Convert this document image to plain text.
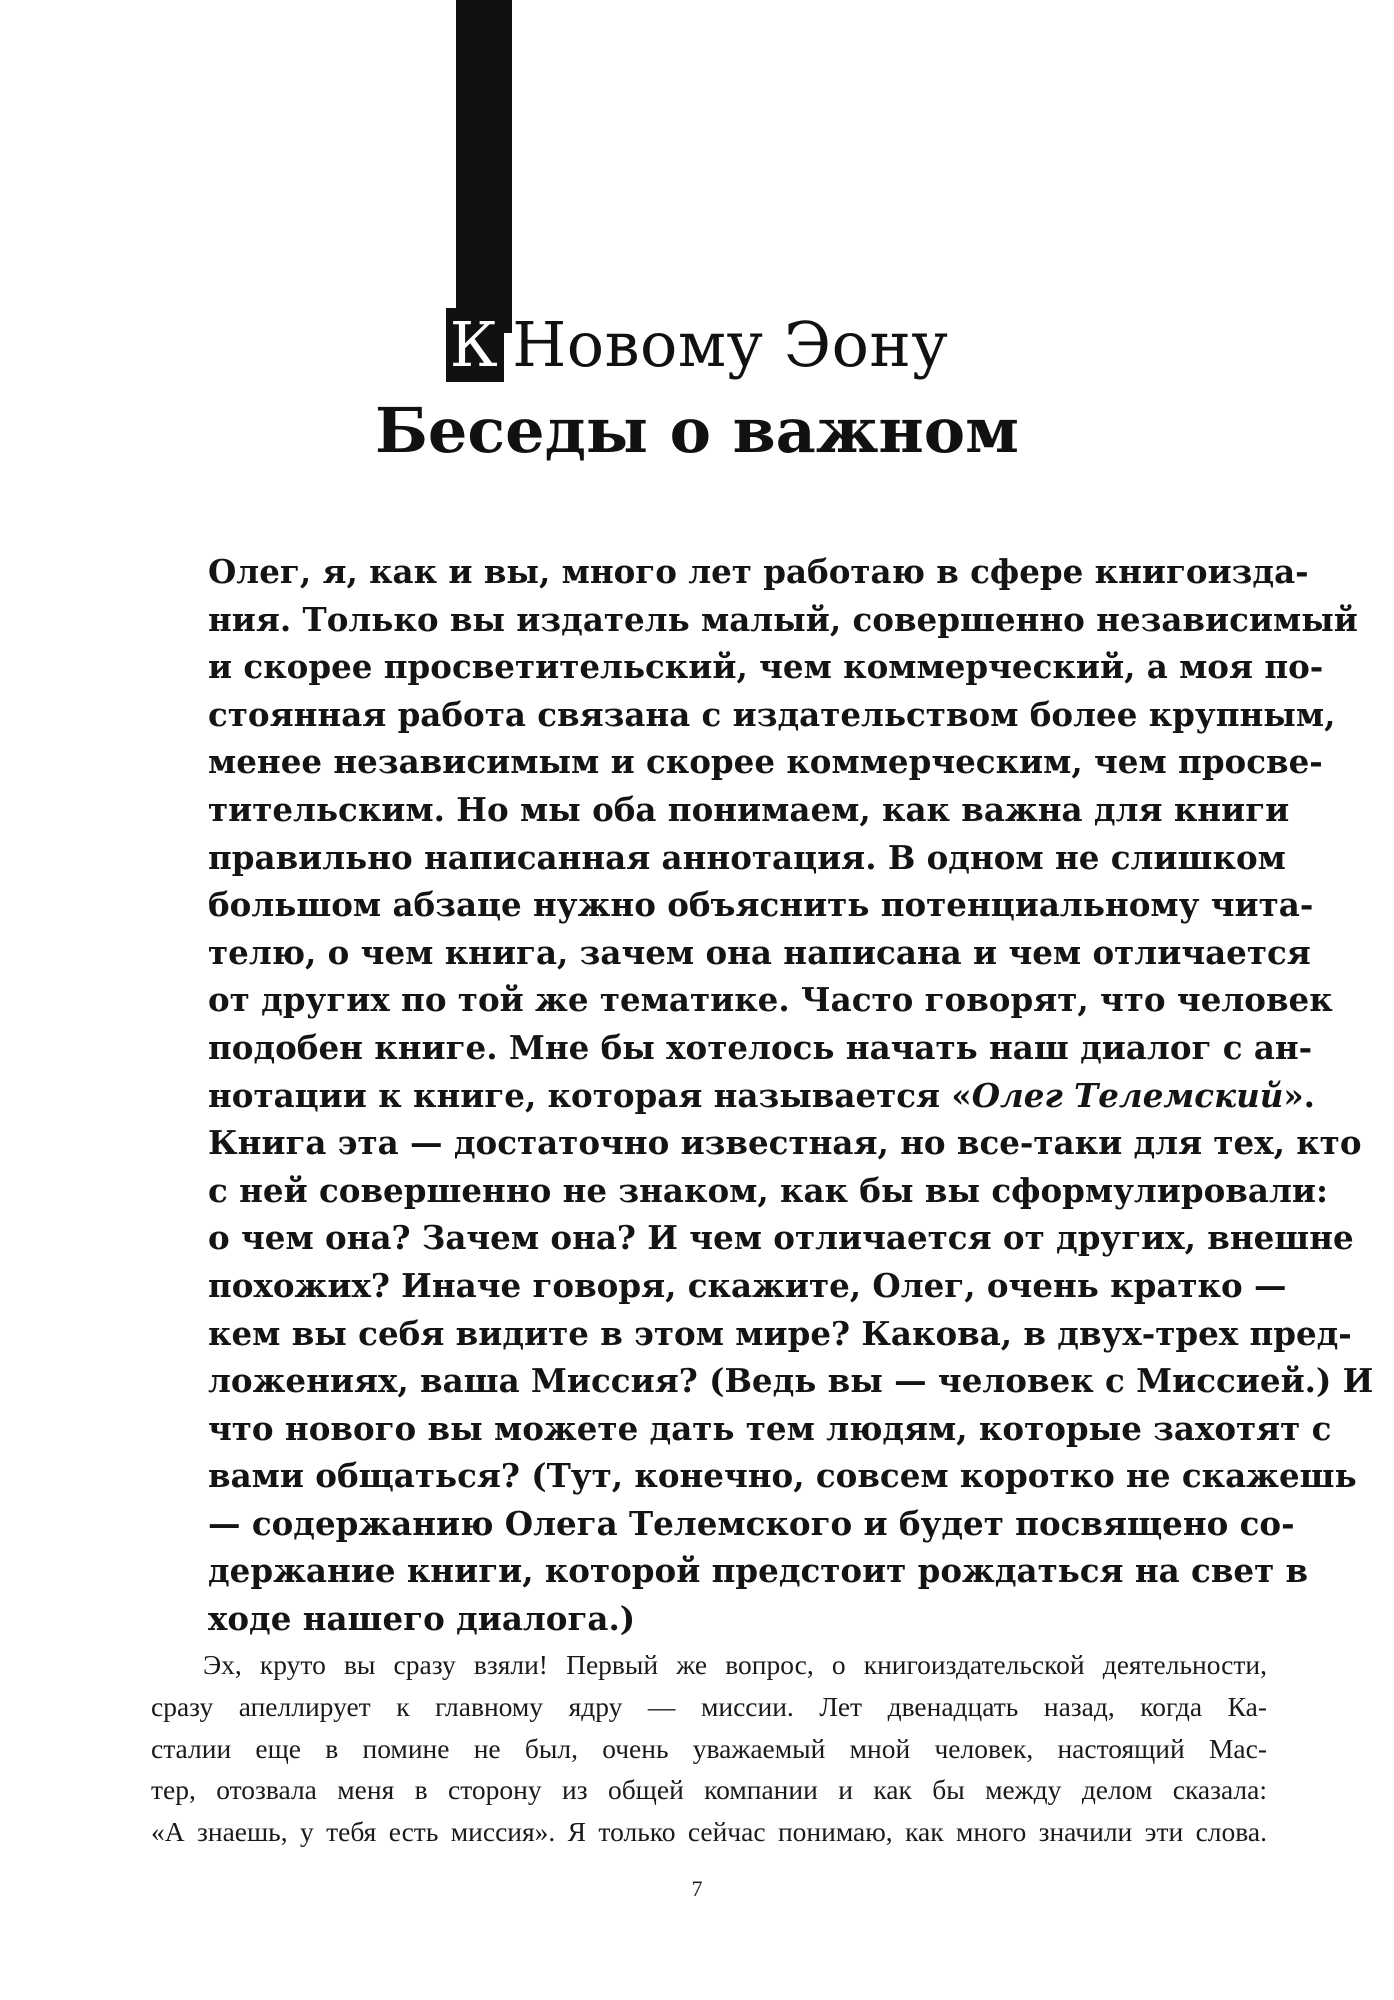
К Новому Эону
Беседы о важном
Олег, я, как и вы, много лет работаю в сфере книгоизда-
ния. Только вы издатель малый, совершенно независимый
и скорее просветительский, чем коммерческий, а моя по-
стоянная работа связана с издательством более крупным,
менее независимым и скорее коммерческим, чем просве-
тительским. Но мы оба понимаем, как важна для книги
правильно написанная аннотация. В одном не слишком
большом абзаце нужно объяснить потенциальному чита-
телю, о чем книга, зачем она написана и чем отличается
от других по той же тематике. Часто говорят, что человек
подобен книге. Мне бы хотелось начать наш диалог с ан-
нотации к книге, которая называется «Олег Телемский».
Книга эта — достаточно известная, но все-таки для тех, кто
с ней совершенно не знаком, как бы вы сформулировали:
о чем она? Зачем она? И чем отличается от других, внешне
похожих? Иначе говоря, скажите, Олег, очень кратко —
кем вы себя видите в этом мире? Какова, в двух-трех пред-
ложениях, ваша Миссия? (Ведь вы — человек с Миссией.) И
что нового вы можете дать тем людям, которые захотят с
вами общаться? (Тут, конечно, совсем коротко не скажешь
— содержанию Олега Телемского и будет посвящено со-
держание книги, которой предстоит рождаться на свет в
ходе нашего диалога.)
Эх, круто вы сразу взяли! Первый же вопрос, о книгоиздательской деятельности,
сразу апеллирует к главному ядру — миссии. Лет двенадцать назад, когда Ка-
сталии еще в помине не был, очень уважаемый мной человек, настоящий Мас-
тер, отозвала меня в сторону из общей компании и как бы между делом сказала:
«А знаешь, у тебя есть миссия». Я только сейчас понимаю, как много значили эти слова.
7
